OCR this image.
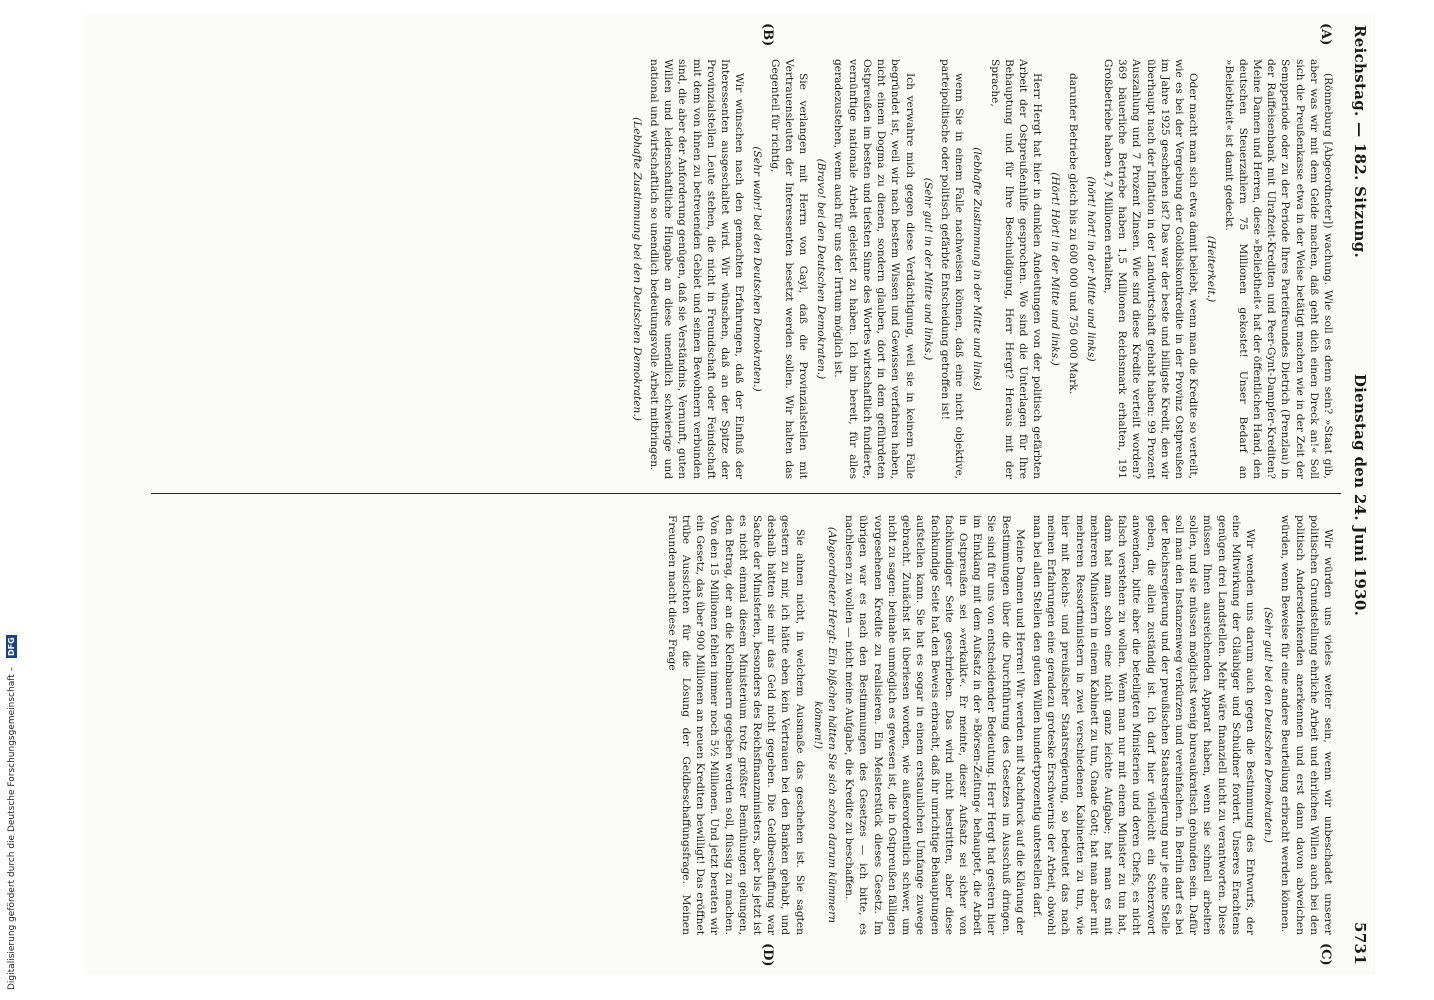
Digitalisierung gefördert durch die Deutsche Forschungsgemeinschaft – DFG
Reichstag. — 182. Sitzung.
Dienstag den 24. Juni 1930.
5731
(A)
(B)
(C)
(D)

(Rönneburg [Abgeordneter]) wachung. Wie soll es denn sein? »Staat gib, aber was wir mit dem Gelde machen, daß geht dich einen Dreck an!« Soll sich die Preußenkasse etwa in der Weise betätigt machen wie in der Zeit der Sempperiode oder zu der Periode Ihres Parteifreundes Dietrich (Prenzlau) in der Raiffeisenbank mit Ulrafzeit-Krediten und Peer-Gynt-Dampfer-Krediten? Meine Damen und Herren, diese »Beliebtheit« hat der öffentlichen Hand, den deutschen Steuerzahlern 75 Millionen gekostet! Unser Bedarf an »Beliebtheit« ist damit gedeckt.

(Heiterkeit.)

Oder macht man sich etwa damit beliebt, wenn man die Kredite so verteilt, wie es bei der Vergebung der Goldbiskontkredite in der Provinz Ostpreußen im Jahre 1925 geschehen ist? Das war der beste und billigste Kredit, den wir überhaupt nach der Inflation in der Landwirtschaft gehabt haben: 99 Prozent Auszahlung und 7 Prozent Zinsen. Wie sind diese Kredite verteilt worden? 369 bäuerliche Betriebe haben 1,5 Millionen Reichsmark erhalten, 191 Großbetriebe haben 4,7 Millionen erhalten,

(hört! hört! in der Mitte und links)

darunter Betriebe gleich bis zu 600 000 und 750 000 Mark.

(Hört! Hört! in der Mitte und links.)

Herr Hergt hat hier in dunklen Andeutungen von der politisch gefärbten Arbeit der Ostpreußenhilfe gesprochen. Wo sind die Unterlagen für Ihre Behauptung und für Ihre Beschuldigung, Herr Hergt? Heraus mit der Sprache,

(lebhafte Zustimmung in der Mitte und links)

wenn Sie in einem Falle nachweisen können, daß eine nicht objektive, parteipolitische oder politisch gefärbte Entscheidung getroffen ist!

(Sehr gut! in der Mitte und links.)

Ich verwahre mich gegen diese Verdächtigung, weil sie in keinem Falle begründet ist, weil wir nach bestem Wissen und Gewissen verfahren haben, nicht einem Dogma zu dienen, sondern glauben, dort in dem geführdeten Ostpreußen im besten und tiefsten Sinne des Wortes wirtschaftlich fundierte, vernünftige nationale Arbeit geleistet zu haben. Ich bin bereit, für alles geradezustehen, wenn auch für uns der Irrtum möglich ist.

(Bravo! bei den Deutschen Demokraten.)

Sie verlangen mit Herrn von Gayl, daß die Provinzialstellen mit Vertrauensleuten der Interessenten besetzt werden sollen. Wir halten das Gegenteil für richtig,

(Sehr wahr! bei den Deutschen Demokraten.)

Wir wünschen nach den gemachten Erfahrungen, daß der Einfluß der Interessenten ausgeschaltet wird. Wir wünschen, daß an der Spitze der Provinzialstellen Leute stehen, die nicht in Freundschaft oder Feindschaft mit dem von ihnen zu betreuenden Gebiet und seinen Bewohnern verbunden sind, die aber der Anforderung genügen, daß sie Verständnis, Vernunft, guten Willen und leidenschaftliche Hingabe an diese unendlich schwierige und national und wirtschaftlich so unendlich bedeutungsvolle Arbeit mitbringen.

(Lebhafte Zustimmung bei den Deutschen Demokraten.)

Wir würden uns vieles weiter sein, wenn wir unbeschadet unserer politischen Grundstellung ehrliche Arbeit und ehrlichen Willen auch bei den politisch Andersdenkenden anerkennen und erst dann davon abweichen würden, wenn Beweise für eine andere Beurteilung erbracht werden können.

(Sehr gut! bei den Deutschen Demokraten.)

Wir wenden uns darum auch gegen die Bestimmung des Entwurfs, der eine Mitwirkung der Gläubiger und Schuldner fordert. Unseres Erachtens genügen drei Landstellen. Mehr wäre finanziell nicht zu verantworten. Diese müssen Ihnen ausreichenden Apparat haben, wenn sie schnell arbeiten sollen, und sie müssen möglichst wenig bureaukratisch gebunden sein. Dafür soll man den Instanzenweg verkürzen und vereinfachen. In Berlin darf es bei der Reichsregierung und der preußischen Staatsregierung nur je eine Stelle geben, die allein zuständig ist. Ich darf hier vielleicht ein Scherzwort anwenden, bitte aber die beteiligten Ministerien und deren Chefs, es nicht falsch verstehen zu wollen. Wenn man nur mit einem Minister zu tun hat, dann hat man schon eine nicht ganz leichte Aufgabe; hat man es mit mehreren Ministern in einem Kabinett zu tun, Gnade Gott; hat man aber mit mehreren Ressortministern in zwei verschiedenen Kabinetten zu tun, wie hier mit Reichs- und preußischer Staatsregierung, so bedeutet das nach meinen Erfahrungen eine geradezu groteske Erschwernis der Arbeit, obwohl man bei allen Stellen den guten Willen hundertprozentig unterstellen darf.

Meine Damen und Herren! Wir werden mit Nachdruck auf die Klärung der Bestimmungen über die Durchführung des Gesetzes im Ausschuß dringen. Sie sind für uns von entscheidender Bedeutung. Herr Hergt hat gestern hier im Einklang mit dem Aufsatz in der »Börsen-Zeitung« behauptet, die Arbeit in Ostpreußen sei »verkalkt«. Er meinte, dieser Aufsatz sei sicher von fachkundiger Seite geschrieben. Das wird nicht bestritten, aber diese fachkundige Seite hat den Beweis erbracht, daß ihr unrichtige Behauptungen aufstellen kann. Sie hat es sogar in einem erstaunlichen Umfange zuwege gebracht. Zunächst ist überlesen worden, wie außerordentlich schwer, um nicht zu sagen: beinahe unmöglich es gewesen ist, die in Ostpreußen fälligen vorgesehenen Kredite zu realisieren. Ein Meisterstück dieses Gesetz. Im übrigen war es nach den Bestimmungen des Gesetzes — ich bitte, es nachlesen zu wollen — nicht meine Aufgabe, die Kredite zu beschaffen.

(Abgeordneter Hergt: Ein bißchen hätten Sie sich schon darum kümmern können!)

Sie ahnen nicht, in welchem Ausmaße das geschehen ist. Sie sagten gestern zu mir, ich hätte eben kein Vertrauen bei den Banken gehabt, und deshalb hätten sie mir das Geld nicht gegeben. Die Geldbeschaffung war Sache der Ministerien, besonders des Reichsfinanzministers, aber bis jetzt ist es nicht einmal diesem Ministerium trotz größter Bemühungen gelungen, den Betrag, der an die Kleinbauern gegeben werden soll, flüssig zu machen. Von den 15 Millionen fehlen immer noch 5½ Millionen. Und jetzt beraten wir ein Gesetz, das über 900 Millionen an neuen Krediten bewilligt! Das eröffnet trübe Aussichten für die Lösung der Geldbeschaffungsfrage. Meinen Freunden macht diese Frage
